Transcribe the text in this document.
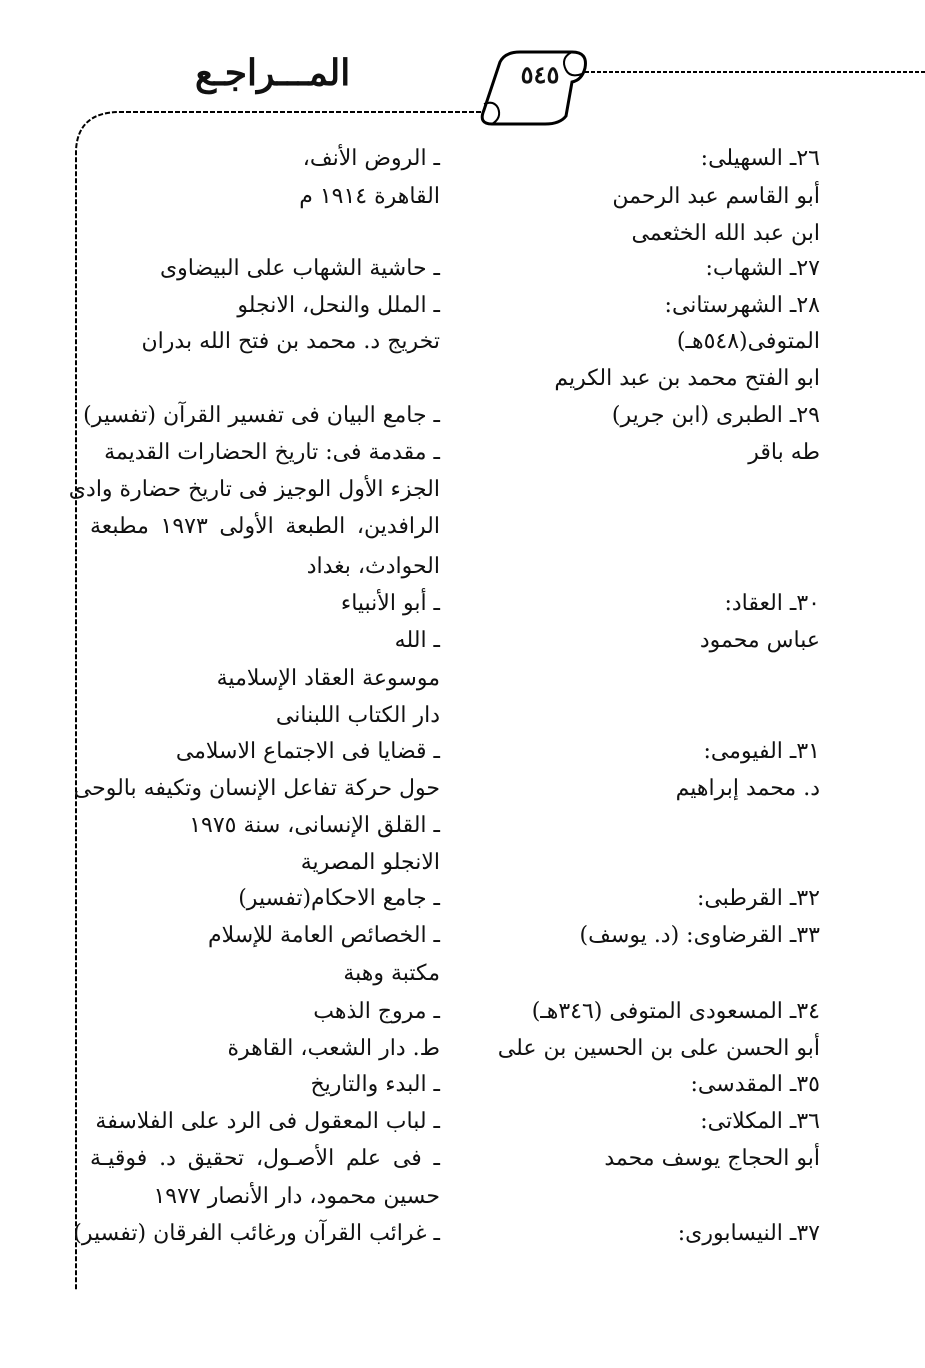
المـــراجـع	٥٤٥
٢٦ـ السهيلى:
أبو القاسم عبد الرحمن
ابن عبد الله الخثعمى
٢٧ـ الشهاب:
٢٨ـ الشهرستانى:
المتوفى(٥٤٨هـ)
ابو الفتح محمد بن عبد الكريم
٢٩ـ الطبرى (ابن جرير)
طه باقر
٣٠ـ العقاد:
عباس محمود
٣١ـ الفيومى:
د. محمد إبراهيم
٣٢ـ القرطبى:
٣٣ـ القرضاوى: (د. يوسف)
٣٤ـ المسعودى المتوفى (٣٤٦هـ)
أبو الحسن على بن الحسين بن على
٣٥ـ المقدسى:
٣٦ـ المكلاتى:
أبو الحجاج يوسف محمد
٣٧ـ النيسابورى:
ـ الروض الأنف،
القاهرة ١٩١٤ م
ـ حاشية الشهاب على البيضاوى
ـ الملل والنحل، الانجلو
تخريج د. محمد بن فتح الله بدران
ـ جامع البيان فى تفسير القرآن (تفسير)
ـ مقدمة فى: تاريخ الحضارات القديمة
الجزء الأول الوجيز فى تاريخ حضارة وادى
الرافدين، الطبعة الأولى ١٩٧٣ مطبعة
الحوادث، بغداد
ـ أبو الأنبياء
ـ الله
موسوعة العقاد الإسلامية
دار الكتاب اللبنانى
ـ قضايا فى الاجتماع الاسلامى
حول حركة تفاعل الإنسان وتكيفه بالوحى
ـ القلق الإنسانى، سنة ١٩٧٥
الانجلو المصرية
ـ جامع الاحكام(تفسير)
ـ الخصائص العامة للإسلام
مكتبة وهبة
ـ مروج الذهب
ط. دار الشعب، القاهرة
ـ البدء والتاريخ
ـ لباب المعقول فى الرد على الفلاسفة
ـ فى علم الأصـول، تحقيق د. فوقيـة
حسين محمود، دار الأنصار ١٩٧٧
ـ غرائب القرآن ورغائب الفرقان (تفسير)
